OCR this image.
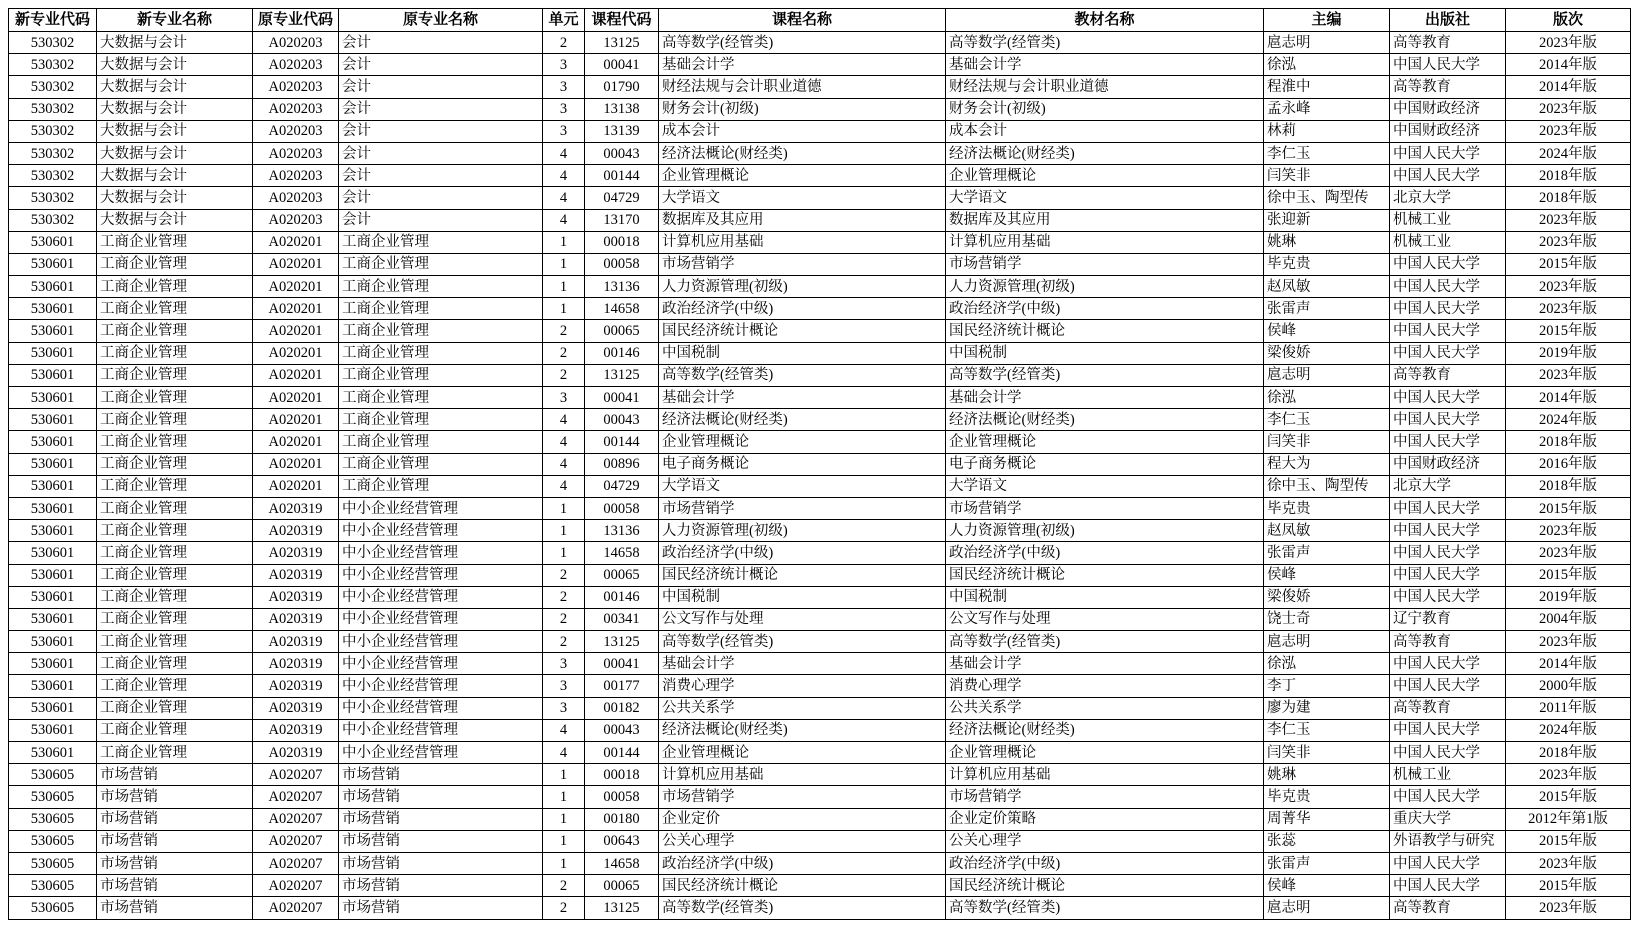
新专业代码	新专业名称	原专业代码	原专业名称	单元	课程代码	课程名称	教材名称	主编	出版社	版次
530302	大数据与会计	A020203	会计	2	13125	高等数学(经管类)	高等数学(经管类)	扈志明	高等教育	2023年版
530302	大数据与会计	A020203	会计	3	00041	基础会计学	基础会计学	徐泓	中国人民大学	2014年版
530302	大数据与会计	A020203	会计	3	01790	财经法规与会计职业道德	财经法规与会计职业道德	程淮中	高等教育	2014年版
530302	大数据与会计	A020203	会计	3	13138	财务会计(初级)	财务会计(初级)	孟永峰	中国财政经济	2023年版
530302	大数据与会计	A020203	会计	3	13139	成本会计	成本会计	林莉	中国财政经济	2023年版
530302	大数据与会计	A020203	会计	4	00043	经济法概论(财经类)	经济法概论(财经类)	李仁玉	中国人民大学	2024年版
530302	大数据与会计	A020203	会计	4	00144	企业管理概论	企业管理概论	闫笑非	中国人民大学	2018年版
530302	大数据与会计	A020203	会计	4	04729	大学语文	大学语文	徐中玉、陶型传	北京大学	2018年版
530302	大数据与会计	A020203	会计	4	13170	数据库及其应用	数据库及其应用	张迎新	机械工业	2023年版
530601	工商企业管理	A020201	工商企业管理	1	00018	计算机应用基础	计算机应用基础	姚琳	机械工业	2023年版
530601	工商企业管理	A020201	工商企业管理	1	00058	市场营销学	市场营销学	毕克贵	中国人民大学	2015年版
530601	工商企业管理	A020201	工商企业管理	1	13136	人力资源管理(初级)	人力资源管理(初级)	赵凤敏	中国人民大学	2023年版
530601	工商企业管理	A020201	工商企业管理	1	14658	政治经济学(中级)	政治经济学(中级)	张雷声	中国人民大学	2023年版
530601	工商企业管理	A020201	工商企业管理	2	00065	国民经济统计概论	国民经济统计概论	侯峰	中国人民大学	2015年版
530601	工商企业管理	A020201	工商企业管理	2	00146	中国税制	中国税制	梁俊娇	中国人民大学	2019年版
530601	工商企业管理	A020201	工商企业管理	2	13125	高等数学(经管类)	高等数学(经管类)	扈志明	高等教育	2023年版
530601	工商企业管理	A020201	工商企业管理	3	00041	基础会计学	基础会计学	徐泓	中国人民大学	2014年版
530601	工商企业管理	A020201	工商企业管理	4	00043	经济法概论(财经类)	经济法概论(财经类)	李仁玉	中国人民大学	2024年版
530601	工商企业管理	A020201	工商企业管理	4	00144	企业管理概论	企业管理概论	闫笑非	中国人民大学	2018年版
530601	工商企业管理	A020201	工商企业管理	4	00896	电子商务概论	电子商务概论	程大为	中国财政经济	2016年版
530601	工商企业管理	A020201	工商企业管理	4	04729	大学语文	大学语文	徐中玉、陶型传	北京大学	2018年版
530601	工商企业管理	A020319	中小企业经营管理	1	00058	市场营销学	市场营销学	毕克贵	中国人民大学	2015年版
530601	工商企业管理	A020319	中小企业经营管理	1	13136	人力资源管理(初级)	人力资源管理(初级)	赵凤敏	中国人民大学	2023年版
530601	工商企业管理	A020319	中小企业经营管理	1	14658	政治经济学(中级)	政治经济学(中级)	张雷声	中国人民大学	2023年版
530601	工商企业管理	A020319	中小企业经营管理	2	00065	国民经济统计概论	国民经济统计概论	侯峰	中国人民大学	2015年版
530601	工商企业管理	A020319	中小企业经营管理	2	00146	中国税制	中国税制	梁俊娇	中国人民大学	2019年版
530601	工商企业管理	A020319	中小企业经营管理	2	00341	公文写作与处理	公文写作与处理	饶士奇	辽宁教育	2004年版
530601	工商企业管理	A020319	中小企业经营管理	2	13125	高等数学(经管类)	高等数学(经管类)	扈志明	高等教育	2023年版
530601	工商企业管理	A020319	中小企业经营管理	3	00041	基础会计学	基础会计学	徐泓	中国人民大学	2014年版
530601	工商企业管理	A020319	中小企业经营管理	3	00177	消费心理学	消费心理学	李丁	中国人民大学	2000年版
530601	工商企业管理	A020319	中小企业经营管理	3	00182	公共关系学	公共关系学	廖为建	高等教育	2011年版
530601	工商企业管理	A020319	中小企业经营管理	4	00043	经济法概论(财经类)	经济法概论(财经类)	李仁玉	中国人民大学	2024年版
530601	工商企业管理	A020319	中小企业经营管理	4	00144	企业管理概论	企业管理概论	闫笑非	中国人民大学	2018年版
530605	市场营销	A020207	市场营销	1	00018	计算机应用基础	计算机应用基础	姚琳	机械工业	2023年版
530605	市场营销	A020207	市场营销	1	00058	市场营销学	市场营销学	毕克贵	中国人民大学	2015年版
530605	市场营销	A020207	市场营销	1	00180	企业定价	企业定价策略	周菁华	重庆大学	2012年第1版
530605	市场营销	A020207	市场营销	1	00643	公关心理学	公关心理学	张蕊	外语教学与研究	2015年版
530605	市场营销	A020207	市场营销	1	14658	政治经济学(中级)	政治经济学(中级)	张雷声	中国人民大学	2023年版
530605	市场营销	A020207	市场营销	2	00065	国民经济统计概论	国民经济统计概论	侯峰	中国人民大学	2015年版
530605	市场营销	A020207	市场营销	2	13125	高等数学(经管类)	高等数学(经管类)	扈志明	高等教育	2023年版
